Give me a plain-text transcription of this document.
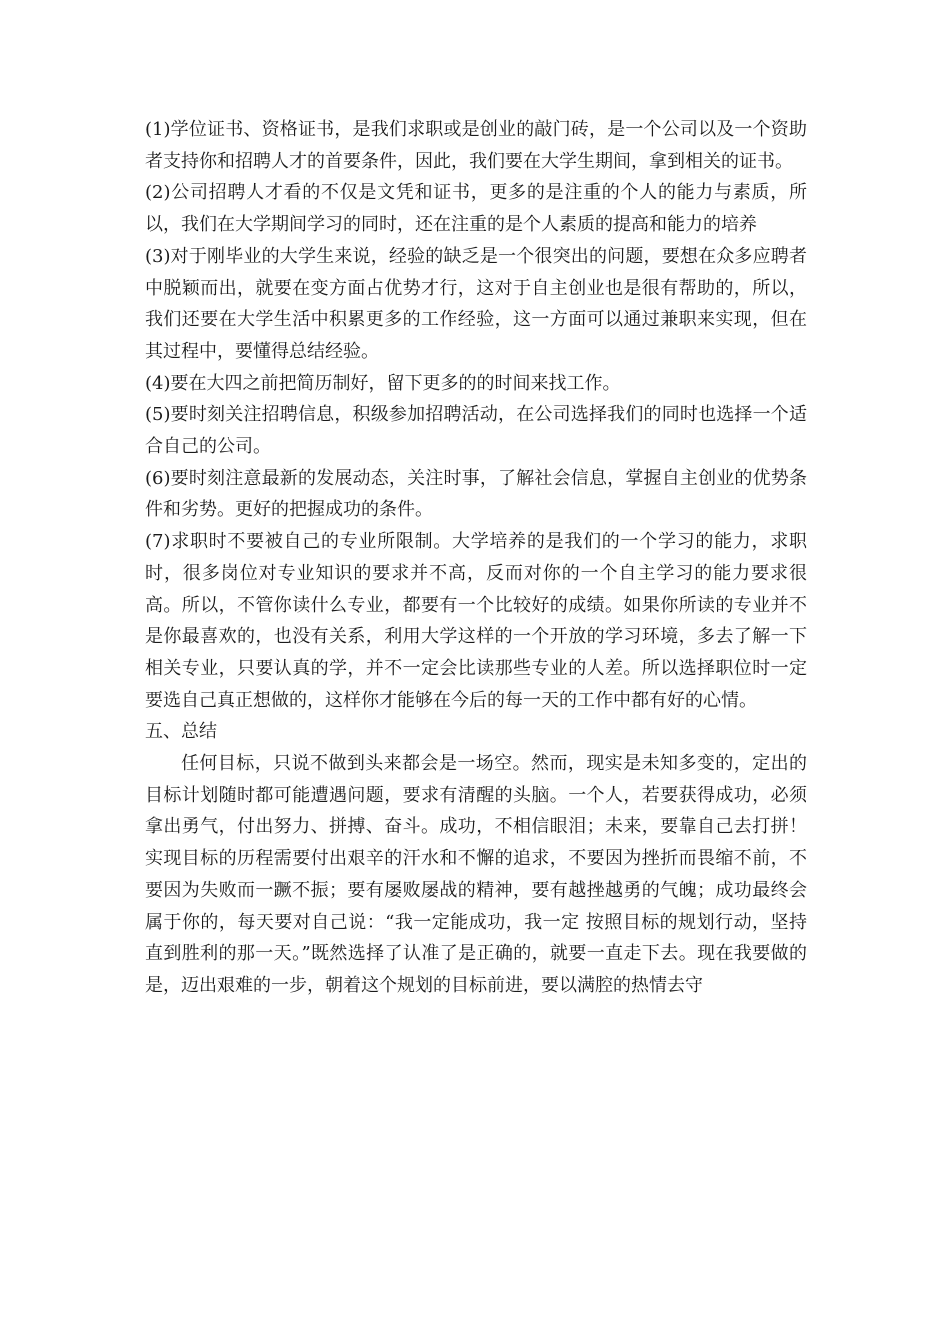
(1)学位证书、资格证书，是我们求职或是创业的敲门砖，是一个公司以及一个资助者支持你和招聘人才的首要条件，因此，我们要在大学生期间，拿到相关的证书。

(2)公司招聘人才看的不仅是文凭和证书，更多的是注重的个人的能力与素质，所以，我们在大学期间学习的同时，还在注重的是个人素质的提高和能力的培养

(3)对于刚毕业的大学生来说，经验的缺乏是一个很突出的问题，要想在众多应聘者中脱颖而出，就要在变方面占优势才行，这对于自主创业也是很有帮助的，所以，我们还要在大学生活中积累更多的工作经验，这一方面可以通过兼职来实现，但在其过程中，要懂得总结经验。

(4)要在大四之前把简历制好，留下更多的的时间来找工作。

(5)要时刻关注招聘信息，积级参加招聘活动，在公司选择我们的同时也选择一个适合自己的公司。

(6)要时刻注意最新的发展动态，关注时事，了解社会信息，掌握自主创业的优势条件和劣势。更好的把握成功的条件。

(7)求职时不要被自己的专业所限制。大学培养的是我们的一个学习的能力，求职时，很多岗位对专业知识的要求并不高，反而对你的一个自主学习的能力要求很高。所以，不管你读什么专业，都要有一个比较好的成绩。如果你所读的专业并不是你最喜欢的，也没有关系，利用大学这样的一个开放的学习环境，多去了解一下相关专业，只要认真的学，并不一定会比读那些专业的人差。所以选择职位时一定要选自己真正想做的，这样你才能够在今后的每一天的工作中都有好的心情。

五、总结

任何目标，只说不做到头来都会是一场空。然而，现实是未知多变的，定出的目标计划随时都可能遭遇问题，要求有清醒的头脑。一个人，若要获得成功，必须拿出勇气，付出努力、拼搏、奋斗。成功，不相信眼泪；未来，要靠自己去打拼！实现目标的历程需要付出艰辛的汗水和不懈的追求，不要因为挫折而畏缩不前，不要因为失败而一蹶不振；要有屡败屡战的精神，要有越挫越勇的气魄；成功最终会属于你的，每天要对自己说：“我一定能成功，我一定 按照目标的规划行动，坚持直到胜利的那一天。”既然选择了认准了是正确的，就要一直走下去。现在我要做的是，迈出艰难的一步，朝着这个规划的目标前进，要以满腔的热情去守
